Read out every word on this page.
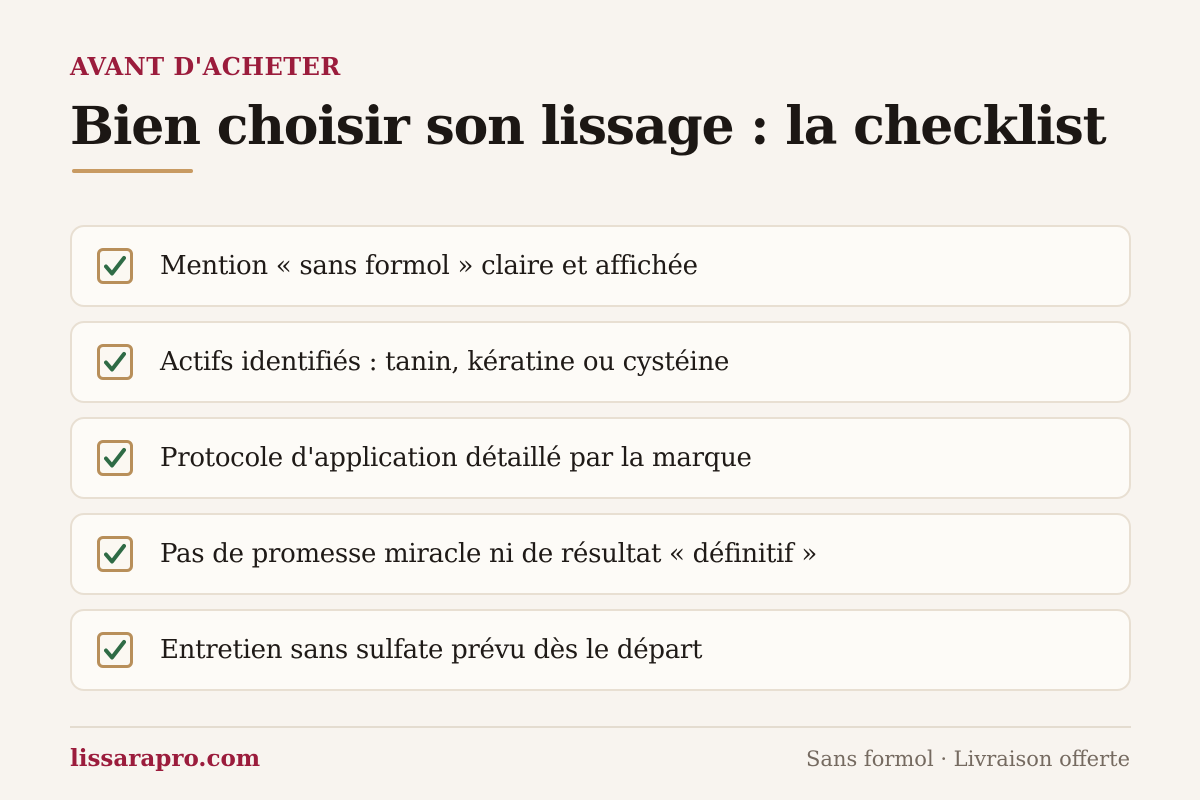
AVANT D'ACHETER
Bien choisir son lissage : la checklist
Mention « sans formol » claire et affichée
Actifs identifiés : tanin, kératine ou cystéine
Protocole d'application détaillé par la marque
Pas de promesse miracle ni de résultat « définitif »
Entretien sans sulfate prévu dès le départ
lissarapro.com	Sans formol · Livraison offerte
